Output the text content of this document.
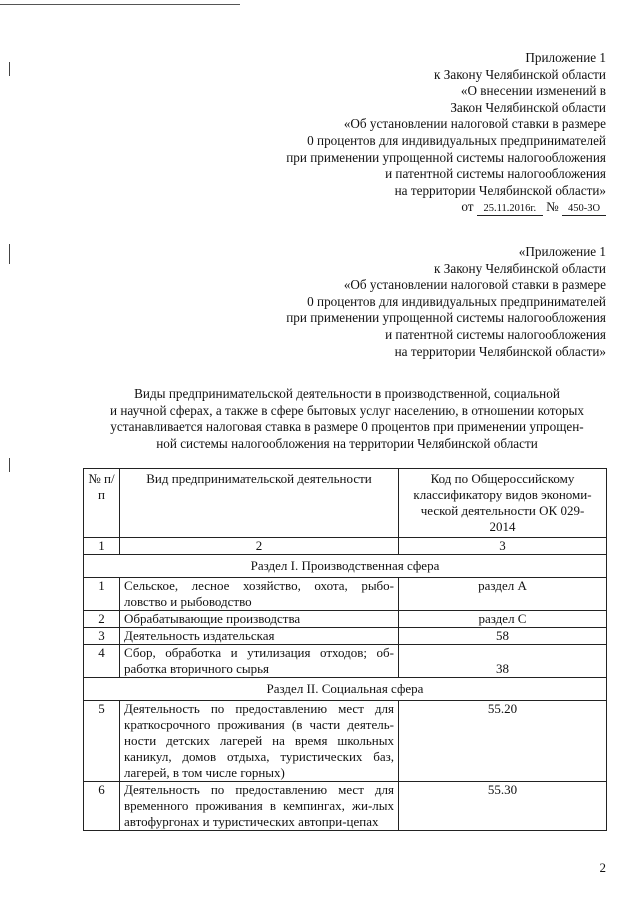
Приложение 1
к Закону Челябинской области
«О внесении изменений в
Закон Челябинской области
«Об установлении налоговой ставки в размере
0 процентов для индивидуальных предпринимателей
при применении упрощенной системы налогообложения
и патентной системы налогообложения
на территории Челябинской области»
от 25.11.2016г. № 450-ЗО
«Приложение 1
к Закону Челябинской области
«Об установлении налоговой ставки в размере
0 процентов для индивидуальных предпринимателей
при применении упрощенной системы налогообложения
и патентной системы налогообложения
на территории Челябинской области»
Виды предпринимательской деятельности в производственной, социальной
и научной сферах, а также в сфере бытовых услуг населению, в отношении которых
устанавливается налоговая ставка в размере 0 процентов при применении упрощен-
ной системы налогообложения на территории Челябинской области
№ п/п	Вид предпринимательской деятельности	Код по Общероссийскому классификатору видов экономи-ческой деятельности ОК 029-2014
1	2	3
Раздел I. Производственная сфера		
1	Сельское, лесное хозяйство, охота, рыбо-ловство и рыбоводство	раздел А
2	Обрабатывающие производства	раздел С
3	Деятельность издательская	58
4	Сбор, обработка и утилизация отходов; об-работка вторичного сырья	38
Раздел II. Социальная сфера		
5	Деятельность по предоставлению мест для краткосрочного проживания (в части деятель-ности детских лагерей на время школьных каникул, домов отдыха, туристических баз, лагерей, в том числе горных)	55.20
6	Деятельность по предоставлению мест для временного проживания в кемпингах, жи-лых автофургонах и туристических автопри-цепах	55.30
2
